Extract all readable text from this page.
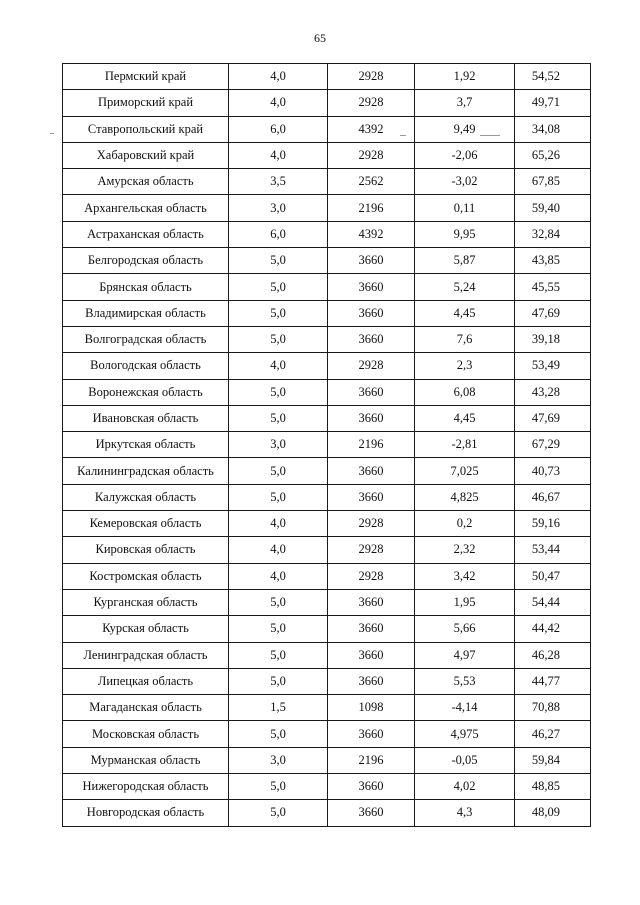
65
Пермский край	4,0	2928	1,92	54,52
Приморский край	4,0	2928	3,7	49,71
Ставропольский край	6,0	4392	9,49	34,08
Хабаровский край	4,0	2928	-2,06	65,26
Амурская область	3,5	2562	-3,02	67,85
Архангельская область	3,0	2196	0,11	59,40
Астраханская область	6,0	4392	9,95	32,84
Белгородская область	5,0	3660	5,87	43,85
Брянская область	5,0	3660	5,24	45,55
Владимирская область	5,0	3660	4,45	47,69
Волгоградская область	5,0	3660	7,6	39,18
Вологодская область	4,0	2928	2,3	53,49
Воронежская область	5,0	3660	6,08	43,28
Ивановская область	5,0	3660	4,45	47,69
Иркутская область	3,0	2196	-2,81	67,29
Калининградская область	5,0	3660	7,025	40,73
Калужская область	5,0	3660	4,825	46,67
Кемеровская область	4,0	2928	0,2	59,16
Кировская область	4,0	2928	2,32	53,44
Костромская область	4,0	2928	3,42	50,47
Курганская область	5,0	3660	1,95	54,44
Курская область	5,0	3660	5,66	44,42
Ленинградская область	5,0	3660	4,97	46,28
Липецкая область	5,0	3660	5,53	44,77
Магаданская область	1,5	1098	-4,14	70,88
Московская область	5,0	3660	4,975	46,27
Мурманская область	3,0	2196	-0,05	59,84
Нижегородская область	5,0	3660	4,02	48,85
Новгородская область	5,0	3660	4,3	48,09
